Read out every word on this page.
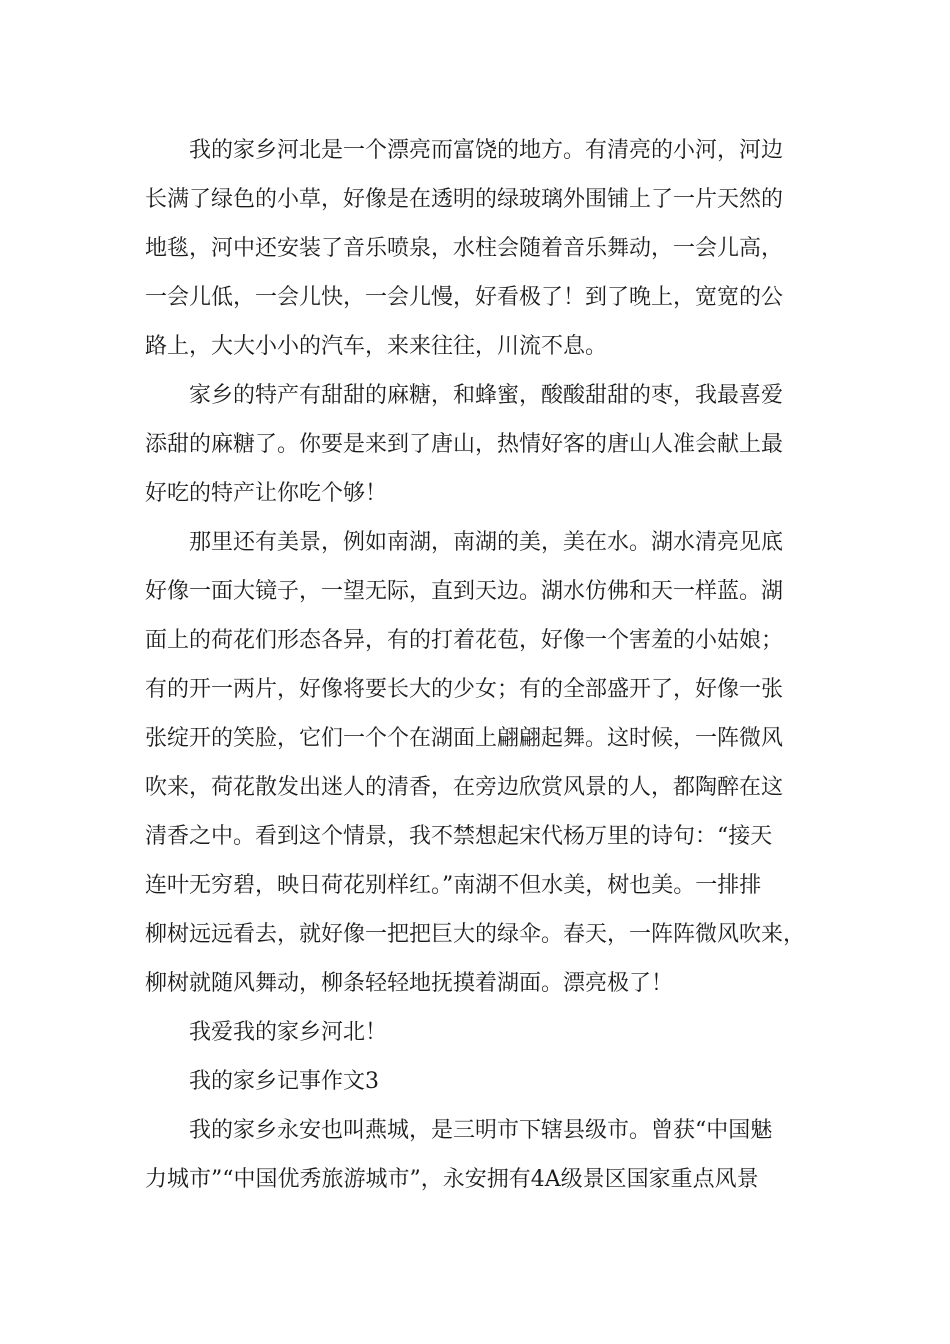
我的家乡河北是一个漂亮而富饶的地方。有清亮的小河，河边
长满了绿色的小草，好像是在透明的绿玻璃外围铺上了一片天然的
地毯，河中还安装了音乐喷泉，水柱会随着音乐舞动，一会儿高，
一会儿低，一会儿快，一会儿慢，好看极了！到了晚上，宽宽的公
路上，大大小小的汽车，来来往往，川流不息。
家乡的特产有甜甜的麻糖，和蜂蜜，酸酸甜甜的枣，我最喜爱
添甜的麻糖了。你要是来到了唐山，热情好客的唐山人准会献上最
好吃的特产让你吃个够！
那里还有美景，例如南湖，南湖的美，美在水。湖水清亮见底
好像一面大镜子，一望无际，直到天边。湖水仿佛和天一样蓝。湖
面上的荷花们形态各异，有的打着花苞，好像一个害羞的小姑娘；
有的开一两片，好像将要长大的少女；有的全部盛开了，好像一张
张绽开的笑脸，它们一个个在湖面上翩翩起舞。这时候，一阵微风
吹来，荷花散发出迷人的清香，在旁边欣赏风景的人，都陶醉在这
清香之中。看到这个情景，我不禁想起宋代杨万里的诗句：“接天
连叶无穷碧，映日荷花别样红。”南湖不但水美，树也美。一排排
柳树远远看去，就好像一把把巨大的绿伞。春天，一阵阵微风吹来，
柳树就随风舞动，柳条轻轻地抚摸着湖面。漂亮极了！
我爱我的家乡河北！
我的家乡记事作文3
我的家乡永安也叫燕城，是三明市下辖县级市。曾获“中国魅
力城市”“中国优秀旅游城市”，永安拥有4A级景区国家重点风景
